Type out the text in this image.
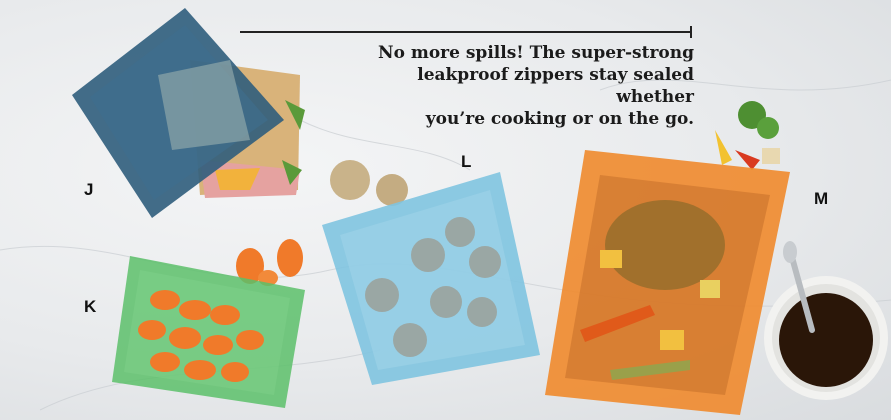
No more spills! The super-strong
leakproof zippers stay sealed whether
you’re cooking or on the go.

J
K
L
M
